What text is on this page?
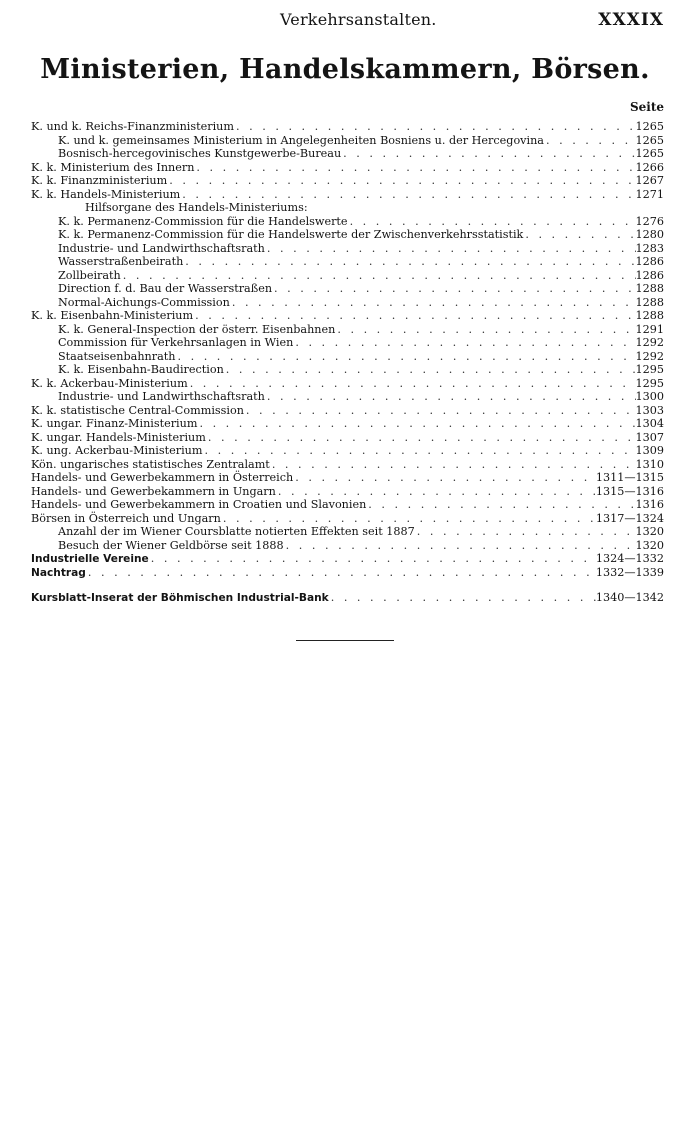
Verkehrsanstalten.	XXXIX
Ministerien, Handelskammern, Börsen.
Seite
K. und k. Reichs-Finanzministerium . . .	1265
K. und k. gemeinsames Ministerium in Angelegenheiten Bosniens u. der Hercegovina . . .	1265
Bosnisch-hercegovinisches Kunstgewerbe-Bureau . . .	1265
K. k. Ministerium des Innern . . .	1266
K. k. Finanzministerium . . .	1267
K. k. Handels-Ministerium . . .	1271
Hilfsorgane des Handels-Ministeriums:
K. k. Permanenz-Commission für die Handelswerte . . .	1276
K. k. Permanenz-Commission für die Handelswerte der Zwischenverkehrsstatistik . . .	1280
Industrie- und Landwirthschaftsrath . . .	1283
Wasserstraßenbeirath . . .	1286
Zollbeirath . . .	1286
Direction f. d. Bau der Wasserstraßen . . .	1288
Normal-Aichungs-Commission . . .	1288
K. k. Eisenbahn-Ministerium . . .	1288
K. k. General-Inspection der österr. Eisenbahnen . . .	1291
Commission für Verkehrsanlagen in Wien . . .	1292
Staatseisenbahnrath . . .	1292
K. k. Eisenbahn-Baudirection . . .	1295
K. k. Ackerbau-Ministerium . . .	1295
Industrie- und Landwirthschaftsrath . . .	1300
K. k. statistische Central-Commission . . .	1303
K. ungar. Finanz-Ministerium . . .	1304
K. ungar. Handels-Ministerium . . .	1307
K. ung. Ackerbau-Ministerium . . .	1309
Kön. ungarisches statistisches Zentralamt . . .	1310
Handels- und Gewerbekammern in Österreich . . .	1311—1315
Handels- und Gewerbekammern in Ungarn . . .	1315—1316
Handels- und Gewerbekammern in Croatien und Slavonien . . .	1316
Börsen in Österreich und Ungarn . . .	1317—1324
Anzahl der im Wiener Coursblatte notierten Effekten seit 1887 . . .	1320
Besuch der Wiener Geldbörse seit 1888 . . .	1320
Industrielle Vereine . . .	1324—1332
Nachtrag . . .	1332—1339
Kursblatt-Inserat der Böhmischen Industrial-Bank . . .	1340—1342
